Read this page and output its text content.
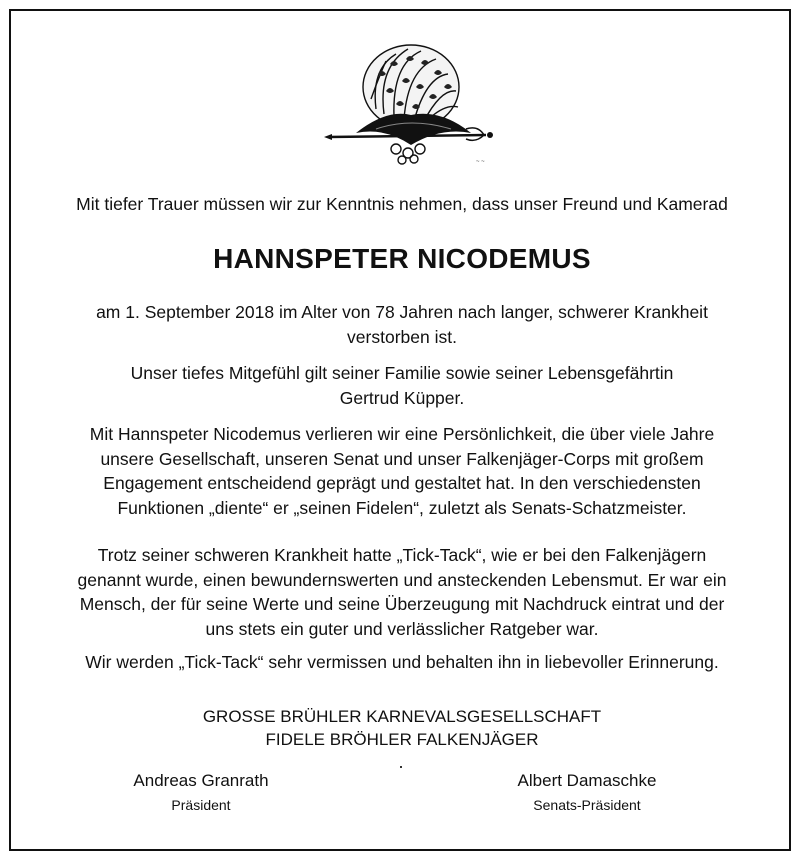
~ ~
Mit tiefer Trauer müssen wir zur Kenntnis nehmen, dass unser Freund und Kamerad
HANNSPETER NICODEMUS
am 1. September 2018 im Alter von 78 Jahren nach langer, schwerer Krankheit
verstorben ist.
Unser tiefes Mitgefühl gilt seiner Familie sowie seiner Lebensgefährtin
Gertrud Küpper.
Mit Hannspeter Nicodemus verlieren wir eine Persönlichkeit, die über viele Jahre
unsere Gesellschaft, unseren Senat und unser Falkenjäger-Corps mit großem
Engagement entscheidend geprägt und gestaltet hat. In den verschiedensten
Funktionen „diente“ er „seinen Fidelen“, zuletzt als Senats-Schatzmeister.
Trotz seiner schweren Krankheit hatte „Tick-Tack“, wie er bei den Falkenjägern
genannt wurde, einen bewundernswerten und ansteckenden Lebensmut. Er war ein
Mensch, der für seine Werte und seine Überzeugung mit Nachdruck eintrat und der
uns stets ein guter und verlässlicher Ratgeber war.
Wir werden „Tick-Tack“ sehr vermissen und behalten ihn in liebevoller Erinnerung.
GROSSE BRÜHLER KARNEVALSGESELLSCHAFT
FIDELE BRÖHLER FALKENJÄGER
Andreas Granrath
Präsident
Albert Damaschke
Senats-Präsident
